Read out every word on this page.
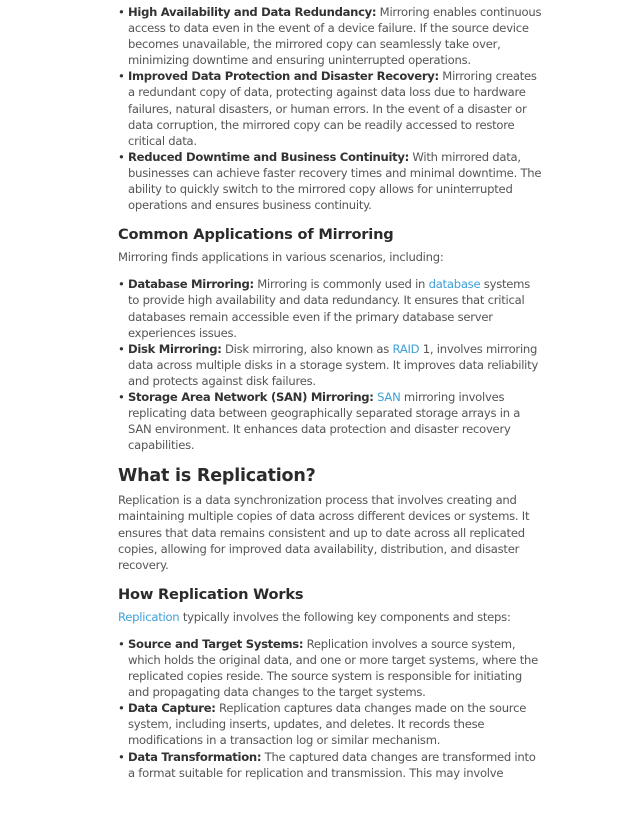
• High Availability and Data Redundancy: Mirroring enables continuous access to data even in the event of a device failure. If the source device becomes unavailable, the mirrored copy can seamlessly take over, minimizing downtime and ensuring uninterrupted operations.
• Improved Data Protection and Disaster Recovery: Mirroring creates a redundant copy of data, protecting against data loss due to hardware failures, natural disasters, or human errors. In the event of a disaster or data corruption, the mirrored copy can be readily accessed to restore critical data.
• Reduced Downtime and Business Continuity: With mirrored data, businesses can achieve faster recovery times and minimal downtime. The ability to quickly switch to the mirrored copy allows for uninterrupted operations and ensures business continuity.
Common Applications of Mirroring

Mirroring finds applications in various scenarios, including:

• Database Mirroring: Mirroring is commonly used in database systems to provide high availability and data redundancy. It ensures that critical databases remain accessible even if the primary database server experiences issues.
• Disk Mirroring: Disk mirroring, also known as RAID 1, involves mirroring data across multiple disks in a storage system. It improves data reliability and protects against disk failures.
• Storage Area Network (SAN) Mirroring: SAN mirroring involves replicating data between geographically separated storage arrays in a SAN environment. It enhances data protection and disaster recovery capabilities.
What is Replication?

Replication is a data synchronization process that involves creating and maintaining multiple copies of data across different devices or systems. It ensures that data remains consistent and up to date across all replicated copies, allowing for improved data availability, distribution, and disaster recovery.

How Replication Works

Replication typically involves the following key components and steps:

• Source and Target Systems: Replication involves a source system, which holds the original data, and one or more target systems, where the replicated copies reside. The source system is responsible for initiating and propagating data changes to the target systems.
• Data Capture: Replication captures data changes made on the source system, including inserts, updates, and deletes. It records these modifications in a transaction log or similar mechanism.
• Data Transformation: The captured data changes are transformed into a format suitable for replication and transmission. This may involve
